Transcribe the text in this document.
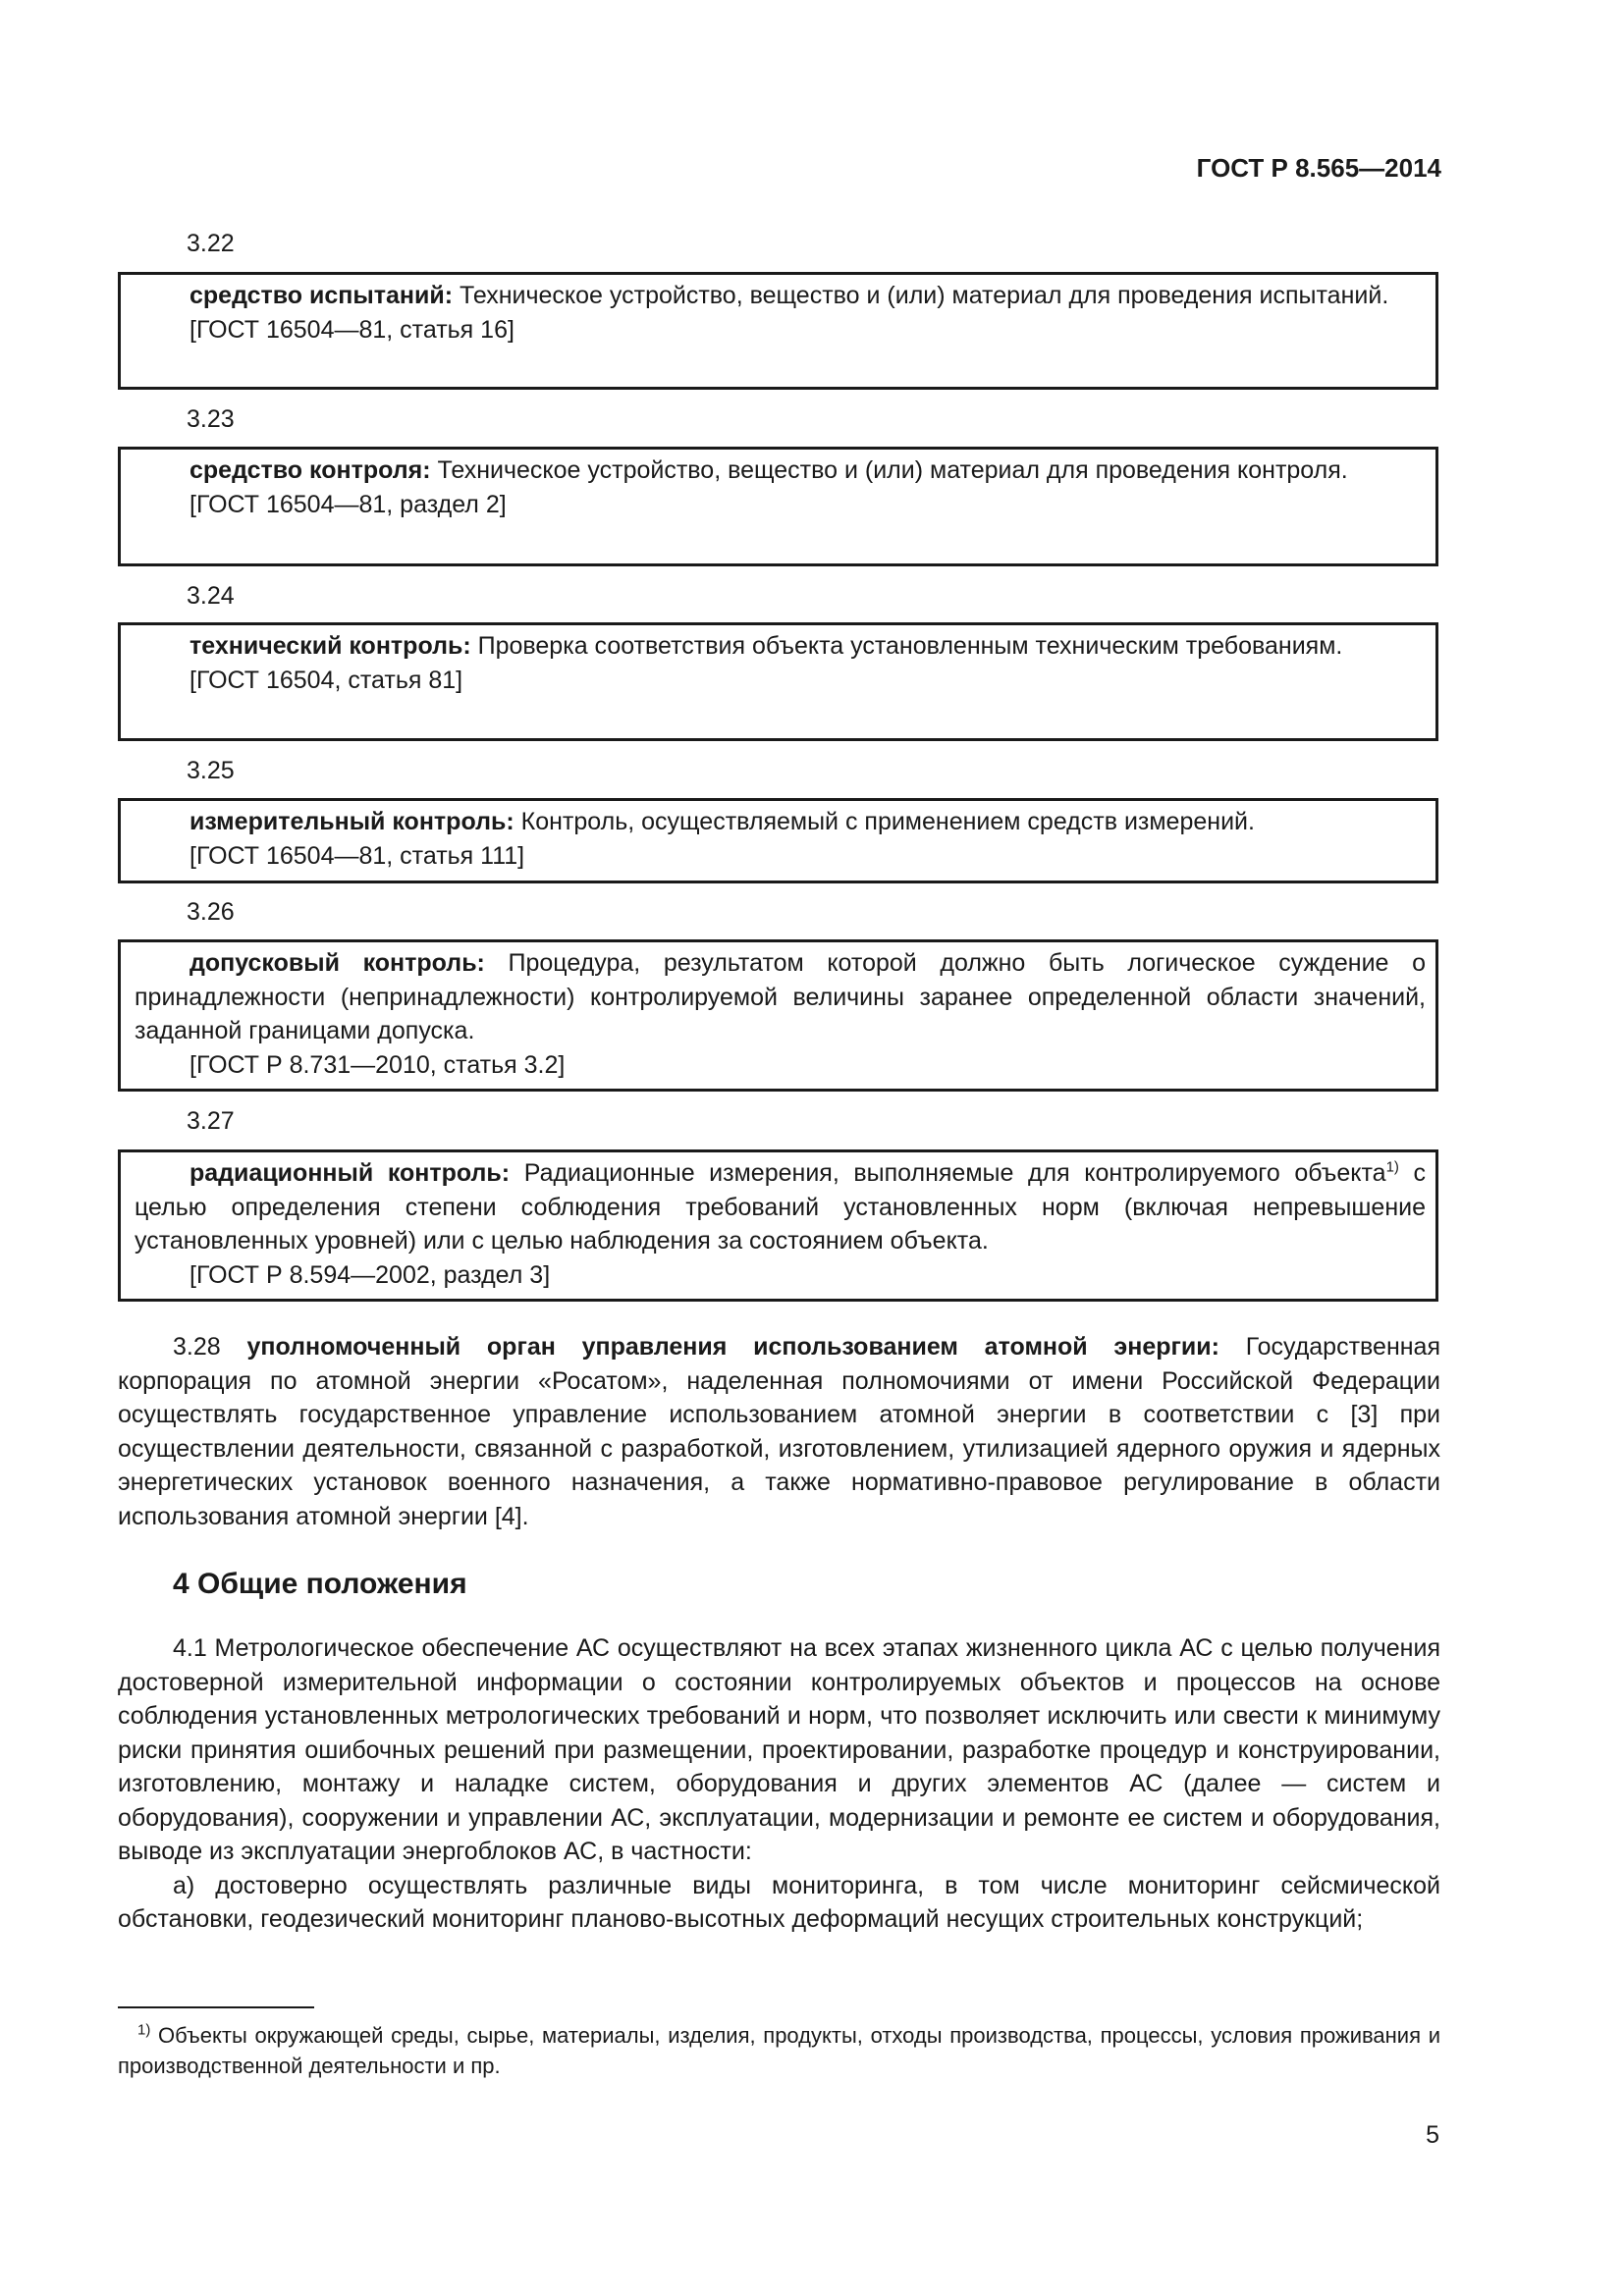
ГОСТ Р 8.565—2014
3.22

средство испытаний: Техническое устройство, вещество и (или) материал для проведения испытаний.

[ГОСТ 16504—81, статья 16]

3.23

средство контроля: Техническое устройство, вещество и (или) материал для проведения контроля.

[ГОСТ 16504—81, раздел 2]

3.24

технический контроль: Проверка соответствия объекта установленным техническим требованиям.

[ГОСТ 16504, статья 81]

3.25

измерительный контроль: Контроль, осуществляемый с применением средств измерений.

[ГОСТ 16504—81, статья 111]

3.26

допусковый контроль: Процедура, результатом которой должно быть логическое суждение о принадлежности (непринадлежности) контролируемой величины заранее определенной области значений, заданной границами допуска.

[ГОСТ Р 8.731—2010, статья 3.2]

3.27

радиационный контроль: Радиационные измерения, выполняемые для контролируемого объекта$^{1)}$ с целью определения степени соблюдения требований установленных норм (включая непревышение установленных уровней) или с целью наблюдения за состоянием объекта.

[ГОСТ Р 8.594—2002, раздел 3]

3.28 уполномоченный орган управления использованием атомной энергии: Государственная корпорация по атомной энергии «Росатом», наделенная полномочиями от имени Российской Федерации осуществлять государственное управление использованием атомной энергии в соответствии с [3] при осуществлении деятельности, связанной с разработкой, изготовлением, утилизацией ядерного оружия и ядерных энергетических установок военного назначения, а также нормативно-правовое регулирование в области использования атомной энергии [4].

4 Общие положения

4.1 Метрологическое обеспечение АС осуществляют на всех этапах жизненного цикла АС с целью получения достоверной измерительной информации о состоянии контролируемых объектов и процессов на основе соблюдения установленных метрологических требований и норм, что позволяет исключить или свести к минимуму риски принятия ошибочных решений при размещении, проектировании, разработке процедур и конструировании, изготовлению, монтажу и наладке систем, оборудования и других элементов АС (далее — систем и оборудования), сооружении и управлении АС, эксплуатации, модернизации и ремонте ее систем и оборудования, выводе из эксплуатации энергоблоков АС, в частности:

а) достоверно осуществлять различные виды мониторинга, в том числе мониторинг сейсмической обстановки, геодезический мониторинг планово-высотных деформаций несущих строительных конструкций;

$^{1)}$ Объекты окружающей среды, сырье, материалы, изделия, продукты, отходы производства, процессы, условия проживания и производственной деятельности и пр.

5
